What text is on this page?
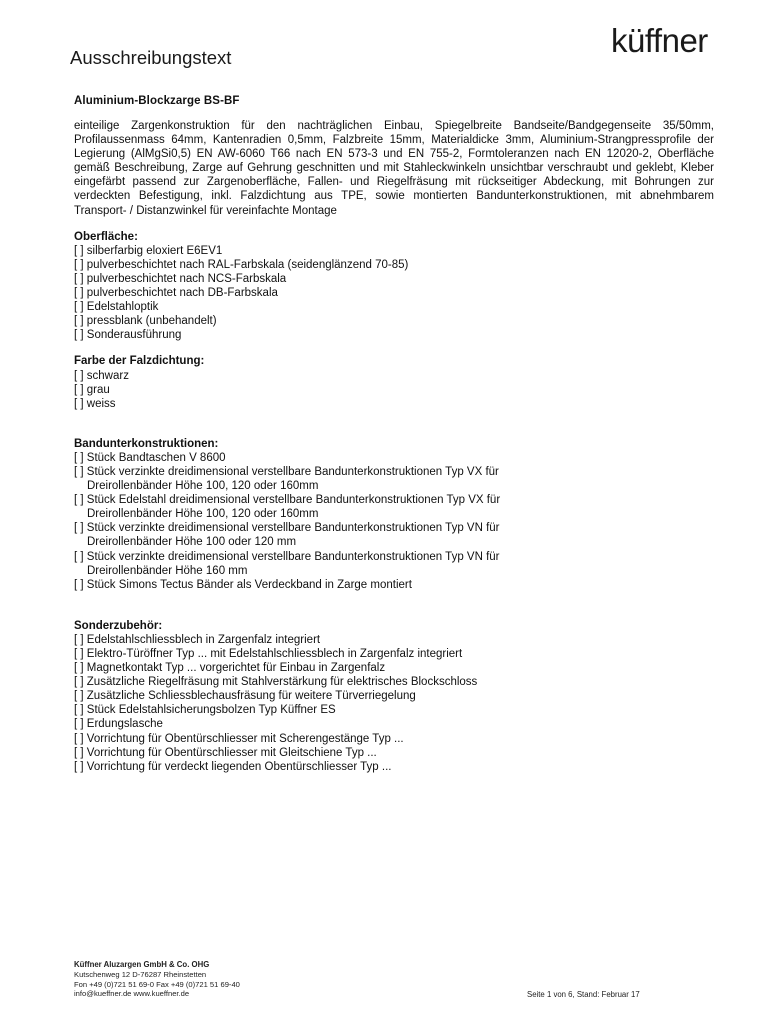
Ausschreibungstext	küffner
Aluminium-Blockzarge BS-BF

einteilige Zargenkonstruktion für den nachträglichen Einbau, Spiegelbreite Bandseite/Bandgegenseite 35/50mm, Profilaussenmass 64mm, Kantenradien 0,5mm, Falzbreite 15mm, Materialdicke 3mm, Aluminium-Strangpressprofile der Legierung (AlMgSi0,5) EN AW-6060 T66 nach EN 573-3 und EN 755-2, Formtoleranzen nach EN 12020-2, Oberfläche gemäß Beschreibung, Zarge auf Gehrung geschnitten und mit Stahleckwinkeln unsichtbar verschraubt und geklebt, Kleber eingefärbt passend zur Zargenoberfläche, Fallen- und Riegelfräsung mit rückseitiger Abdeckung, mit Bohrungen zur verdeckten Befestigung, inkl. Falzdichtung aus TPE, sowie montierten Bandunterkonstruktionen, mit abnehmbarem Transport- / Distanzwinkel für vereinfachte Montage

Oberfläche:
[ ] silberfarbig eloxiert E6EV1
[ ] pulverbeschichtet nach RAL-Farbskala (seidenglänzend 70-85)
[ ] pulverbeschichtet nach NCS-Farbskala
[ ] pulverbeschichtet nach DB-Farbskala
[ ] Edelstahloptik
[ ] pressblank (unbehandelt)
[ ] Sonderausführung
Farbe der Falzdichtung:
[ ] schwarz
[ ] grau
[ ] weiss
Bandunterkonstruktionen:
[ ] Stück Bandtaschen V 8600
[ ] Stück verzinkte dreidimensional verstellbare Bandunterkonstruktionen Typ VX für
Dreirollenbänder Höhe 100, 120 oder 160mm
[ ] Stück Edelstahl dreidimensional verstellbare Bandunterkonstruktionen Typ VX für
Dreirollenbänder Höhe 100, 120 oder 160mm
[ ] Stück verzinkte dreidimensional verstellbare Bandunterkonstruktionen Typ VN für
Dreirollenbänder Höhe 100 oder 120 mm
[ ] Stück verzinkte dreidimensional verstellbare Bandunterkonstruktionen Typ VN für
Dreirollenbänder Höhe 160 mm
[ ] Stück Simons Tectus Bänder als Verdeckband in Zarge montiert
Sonderzubehör:
[ ] Edelstahlschliessblech in Zargenfalz integriert
[ ] Elektro-Türöffner Typ ... mit Edelstahlschliessblech in Zargenfalz integriert
[ ] Magnetkontakt Typ ... vorgerichtet für Einbau in Zargenfalz
[ ] Zusätzliche Riegelfräsung mit Stahlverstärkung für elektrisches Blockschloss
[ ] Zusätzliche Schliessblechausfräsung für weitere Türverriegelung
[ ] Stück Edelstahlsicherungsbolzen Typ Küffner ES
[ ] Erdungslasche
[ ] Vorrichtung für Obentürschliesser mit Scherengestänge Typ ...
[ ] Vorrichtung für Obentürschliesser mit Gleitschiene Typ ...
[ ] Vorrichtung für verdeckt liegenden Obentürschliesser Typ ...
Küffner Aluzargen GmbH & Co. OHG
Kutschenweg 12 D-76287 Rheinstetten
Fon +49 (0)721 51 69-0 Fax +49 (0)721 51 69-40
info@kueffner.de www.kueffner.de	Seite 1 von 6, Stand: Februar 17
